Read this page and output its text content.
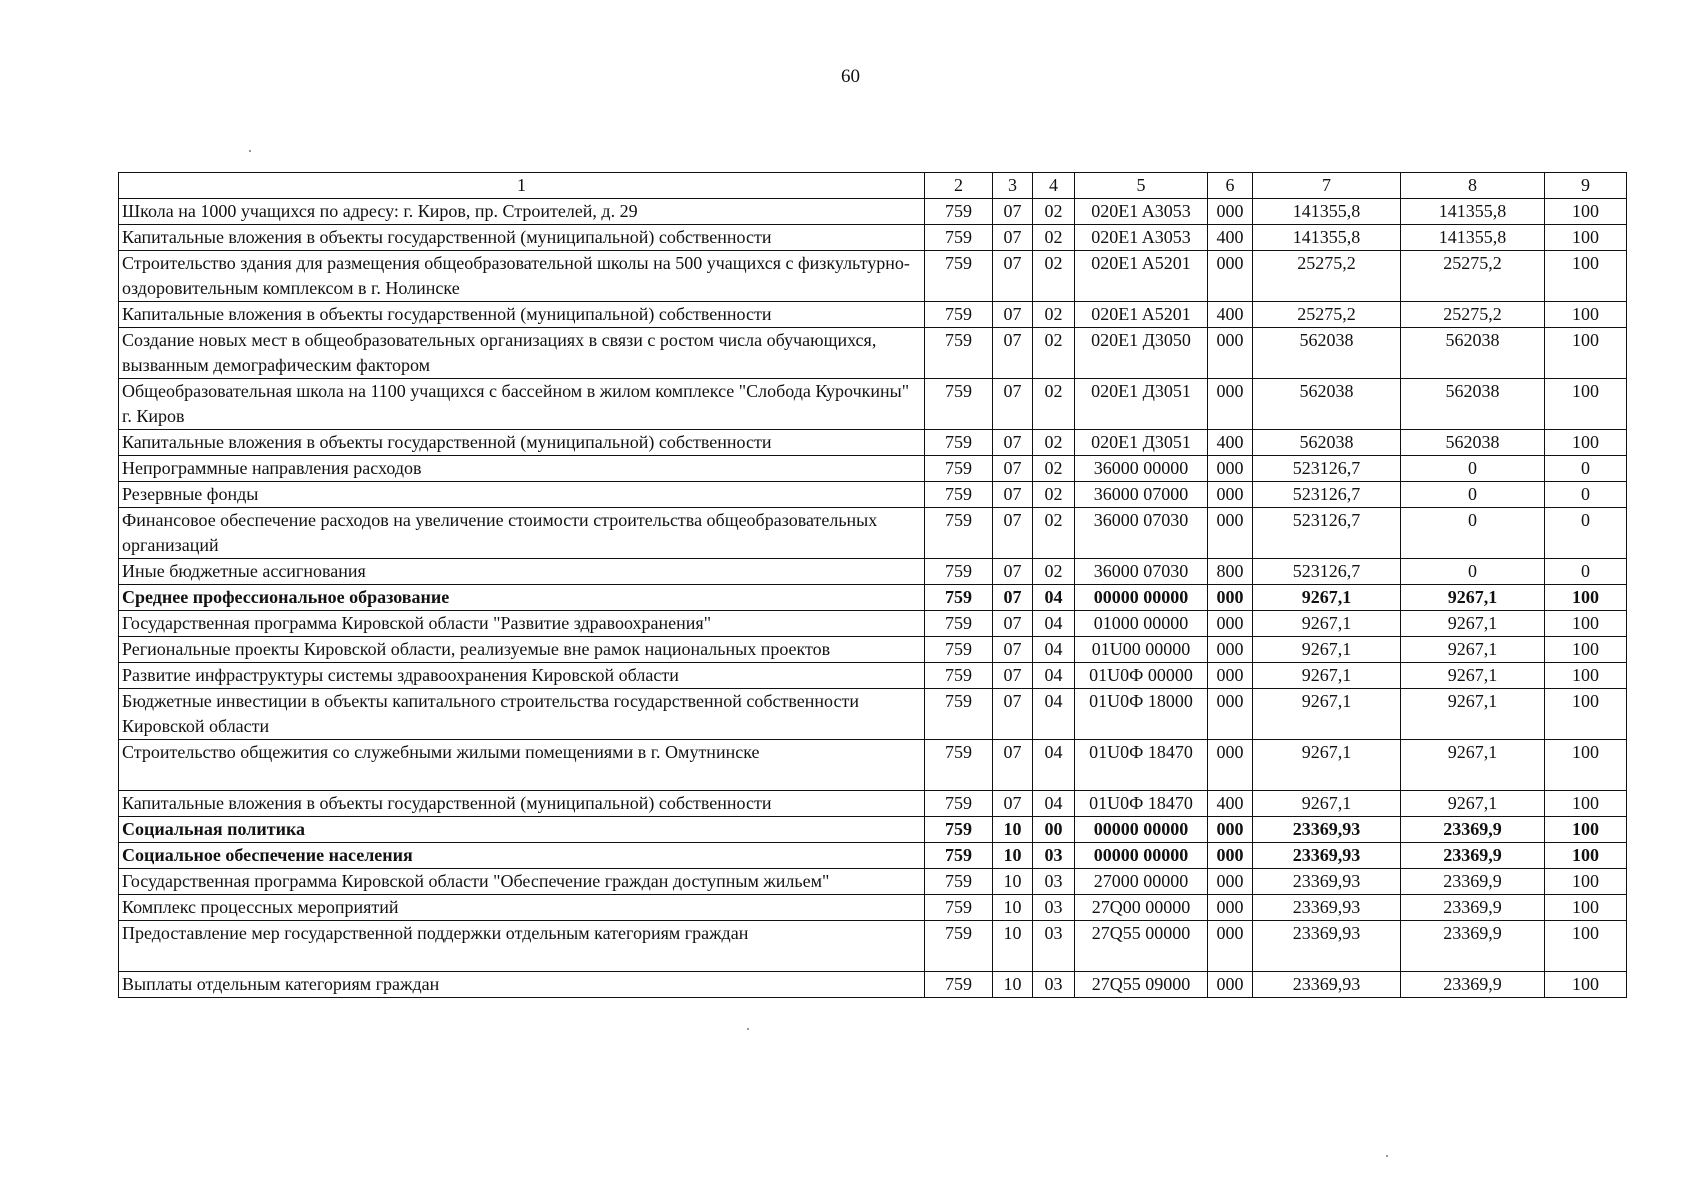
60
1	2	3	4	5	6	7	8	9
Школа на 1000 учащихся по адресу: г. Киров, пр. Строителей, д. 29	759	07	02	020E1 A3053	000	141355,8	141355,8	100
Капитальные вложения в объекты государственной (муниципальной) собственности	759	07	02	020E1 A3053	400	141355,8	141355,8	100
Строительство здания для размещения общеобразовательной школы на 500 учащихся с физкультурно-оздоровительным комплексом в г. Нолинске	759	07	02	020E1 A5201	000	25275,2	25275,2	100
Капитальные вложения в объекты государственной (муниципальной) собственности	759	07	02	020E1 A5201	400	25275,2	25275,2	100
Создание новых мест в общеобразовательных организациях в связи с ростом числа обучающихся, вызванным демографическим фактором	759	07	02	020E1 Д3050	000	562038	562038	100
Общеобразовательная школа на 1100 учащихся с бассейном в жилом комплексе "Слобода Курочкины" г. Киров	759	07	02	020E1 Д3051	000	562038	562038	100
Капитальные вложения в объекты государственной (муниципальной) собственности	759	07	02	020E1 Д3051	400	562038	562038	100
Непрограммные направления расходов	759	07	02	36000 00000	000	523126,7	0	0
Резервные фонды	759	07	02	36000 07000	000	523126,7	0	0
Финансовое обеспечение расходов на увеличение стоимости строительства общеобразовательных организаций	759	07	02	36000 07030	000	523126,7	0	0
Иные бюджетные ассигнования	759	07	02	36000 07030	800	523126,7	0	0
Среднее профессиональное образование	759	07	04	00000 00000	000	9267,1	9267,1	100
Государственная программа Кировской области "Развитие здравоохранения"	759	07	04	01000 00000	000	9267,1	9267,1	100
Региональные проекты Кировской области, реализуемые вне рамок национальных проектов	759	07	04	01U00 00000	000	9267,1	9267,1	100
Развитие инфраструктуры системы здравоохранения Кировской области	759	07	04	01U0Ф 00000	000	9267,1	9267,1	100
Бюджетные инвестиции в объекты капитального строительства государственной собственности Кировской области	759	07	04	01U0Ф 18000	000	9267,1	9267,1	100
Строительство общежития со служебными жилыми помещениями в г. Омутнинске	759	07	04	01U0Ф 18470	000	9267,1	9267,1	100
Капитальные вложения в объекты государственной (муниципальной) собственности	759	07	04	01U0Ф 18470	400	9267,1	9267,1	100
Социальная политика	759	10	00	00000 00000	000	23369,93	23369,9	100
Социальное обеспечение населения	759	10	03	00000 00000	000	23369,93	23369,9	100
Государственная программа Кировской области "Обеспечение граждан доступным жильем"	759	10	03	27000 00000	000	23369,93	23369,9	100
Комплекс процессных мероприятий	759	10	03	27Q00 00000	000	23369,93	23369,9	100
Предоставление мер государственной поддержки отдельным категориям граждан	759	10	03	27Q55 00000	000	23369,93	23369,9	100
Выплаты отдельным категориям граждан	759	10	03	27Q55 09000	000	23369,93	23369,9	100
